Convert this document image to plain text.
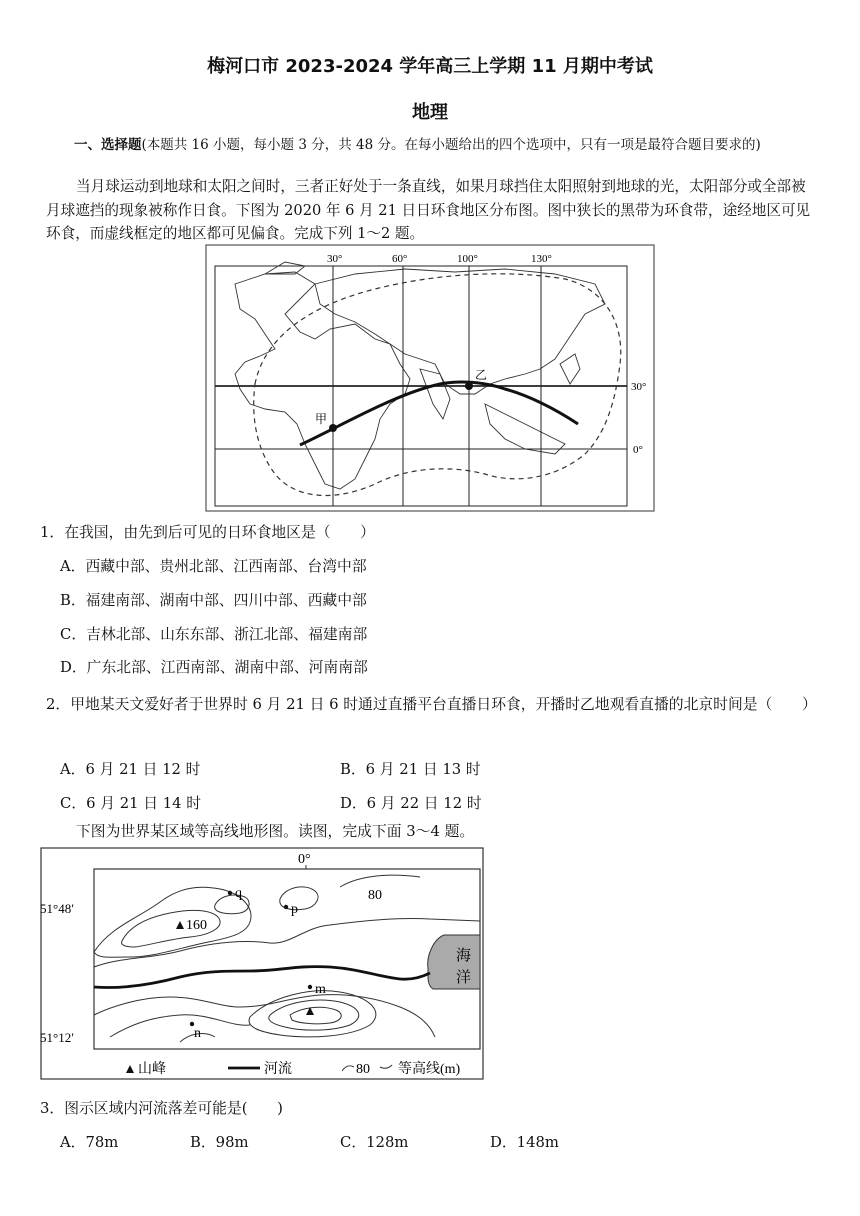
梅河口市 2023-2024 学年高三上学期 11 月期中考试
地理
一、选择题(本题共 16 小题，每小题 3 分，共 48 分。在每小题给出的四个选项中，只有一项是最符合题目要求的)
当月球运动到地球和太阳之间时，三者正好处于一条直线，如果月球挡住太阳照射到地球的光，太阳部分或全部被月球遮挡的现象被称作日食。下图为 2020 年 6 月 21 日日环食地区分布图。图中狭长的黑带为环食带，途经地区可见环食，而虚线框定的地区都可见偏食。完成下列 1～2 题。
甲
乙
30°	60°	100°	130°
30°
0°
1．在我国，由先到后可见的日环食地区是（　　）
A．西藏中部、贵州北部、江西南部、台湾中部
B．福建南部、湖南中部、四川中部、西藏中部
C．吉林北部、山东东部、浙江北部、福建南部
D．广东北部、江西南部、湖南中部、河南南部
2．甲地某天文爱好者于世界时 6 月 21 日 6 时通过直播平台直播日环食，开播时乙地观看直播的北京时间是（　　）
A．6 月 21 日 12 时	B．6 月 21 日 13 时
C．6 月 21 日 14 时	D．6 月 22 日 12 时
下图为世界某区域等高线地形图。读图，完成下面 3～4 题。
海
洋
0°
51°48′
51°12′
80
160
q
p
m
n
山峰	河流	80 等高线(m)
3．图示区域内河流落差可能是(　　)
A．78m	B．98m	C．128m	D．148m
